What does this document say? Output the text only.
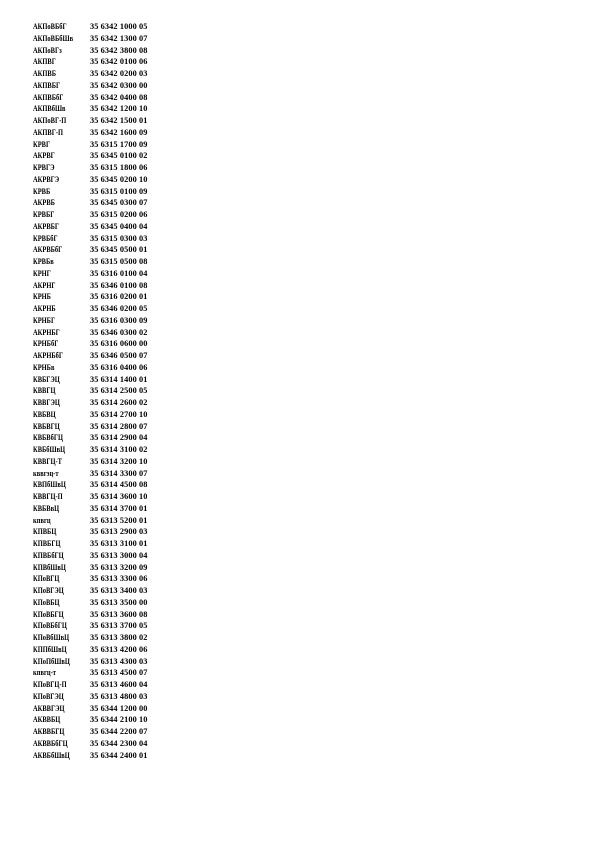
АКПоВБбГ	35 6342 1000 05
АКПоВБбШв 35 6342 1300 07
АКПоВГз	35 6342 3800 08
АКПВГ	35 6342 0100 06
АКПВБ	35 6342 0200 03
АКПВБГ	35 6342 0300 00
АКПВБбГ	35 6342 0400 08
АКПВбШв	35 6342 1200 10
АКПоВГ-П	35 6342 1500 01
АКПВГ-П	35 6342 1600 09
КРВГ	35 6315 1700 09
АКРВГ	35 6345 0100 02
КРВГЭ	35 6315 1800 06
АКРВГЭ	35 6345 0200 10
КРВБ	35 6315 0100 09
АКРВБ	35 6345 0300 07
КРВБГ	35 6315 0200 06
АКРВБГ	35 6345 0400 04
КРВБбГ	35 6315 0300 03
АКРВБбГ	35 6345 0500 01
КРВБв	35 6315 0500 08
КРНГ	35 6316 0100 04
АКРНГ	35 6346 0100 08
КРНБ	35 6316 0200 01
АКРНБ	35 6346 0200 05
КРНБГ	35 6316 0300 09
АКРНБГ	35 6346 0300 02
КРНБбГ	35 6316 0600 00
АКРНБбГ	35 6346 0500 07
КРНБв	35 6316 0400 06
КВБГЭЦ	35 6314 1400 01
КВВГЦ	35 6314 2500 05
КВВГЭЦ	35 6314 2600 02
КВБВЦ	35 6314 2700 10
КВБВГЦ	35 6314 2800 07
КВБВбГЦ	35 6314 2900 04
КВБбШвЦ	35 6314 3100 02
КВВГЦ-Т	35 6314 3200 10
кввгэц-т	35 6314 3300 07
КВПбШвЦ	35 6314 4500 08
КВВГЦ-П	35 6314 3600 10
КВБВвЦ	35 6314 3700 01
кпвгц	35 6313 5200 01
КПВБЦ	35 6313 2900 03
КПВБГЦ	35 6313 3100 01
КПВБбГЦ	35 6313 3000 04
КПВбШвЦ	35 6313 3200 09
КПоВГЦ	35 6313 3300 06
КПоВГЭЦ	35 6313 3400 03
КПоВБЦ	35 6313 3500 00
КПоВБГЦ	35 6313 3600 08
КПоВБбГЦ	35 6313 3700 05
КПоВбШвЦ	35 6313 3800 02
КППбШвЦ	35 6313 4200 06
КПоПбШвЦ 35 6313 4300 03
кпвгц-т	35 6313 4500 07
КПоВГЦ-П	35 6313 4600 04
КПоВГЭЦ	35 6313 4800 03
АКВВГЭЦ	35 6344 1200 00
АКВВБЦ	35 6344 2100 10
АКВВБГЦ	35 6344 2200 07
АКВВБбГЦ	35 6344 2300 04
АКВБбШвЦ 35 6344 2400 01
